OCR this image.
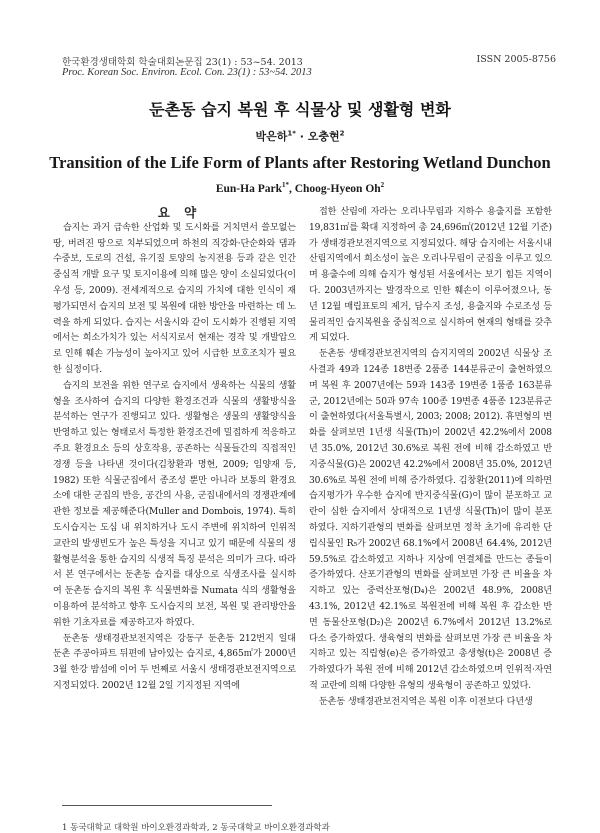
한국환경생태학회 학술대회논문집 23(1) : 53~54. 2013
Proc. Korean Soc. Environ. Ecol. Con. 23(1) : 53~54. 2013
ISSN 2005-8756
둔촌동 습지 복원 후 식물상 및 생활형 변화
박은하$^{1*}$ · 오충현$^2$
Transition of the Life Form of Plants after Restoring Wetland Dunchon
Eun-Ha Park$^{1*}$, Choog-Hyeon Oh$^2$

요 약

습지는 과거 급속한 산업화 및 도시화를 거치면서 쓸모없는 땅, 버려진 땅으로 치부되었으며 하천의 직강화·단순화와 댐과 수중보, 도로의 건설, 유기질 토양의 농지전용 등과 같은 인간중심적 개발 요구 및 토지이용에 의해 많은 양이 소실되었다(이우성 등, 2009). 전세계적으로 습지의 가치에 대한 인식이 재평가되면서 습지의 보전 및 복원에 대한 방안을 마련하는 데 노력을 하게 되었다. 습지는 서울시와 같이 도시화가 진행된 지역에서는 희소가치가 있는 서식지로서 현재는 경작 및 개발압으로 인해 훼손 가능성이 높아지고 있어 시급한 보호조치가 필요한 실정이다.

습지의 보전을 위한 연구로 습지에서 생육하는 식물의 생활형을 조사하여 습지의 다양한 환경조건과 식물의 생활방식을 분석하는 연구가 진행되고 있다. 생활형은 생물의 생활양식을 반영하고 있는 형태로서 특정한 환경조건에 밀접하게 적응하고 주요 환경요소 등의 상호작용, 공존하는 식물들간의 직접적인 경쟁 등을 나타낸 것이다(김창환과 명현, 2009; 임양재 등, 1982) 또한 식물군집에서 종조성 뿐만 아니라 보통의 환경요소에 대한 군집의 반응, 공간의 사용, 군집내에서의 경쟁관계에 관한 정보를 제공해준다(Muller and Dombois, 1974). 특히 도시습지는 도심 내 위치하거나 도시 주변에 위치하여 인위적 교란의 발생빈도가 높은 특성을 지니고 있기 때문에 식물의 생활형분석을 통한 습지의 식생적 특징 분석은 의미가 크다. 따라서 본 연구에서는 둔촌동 습지를 대상으로 식생조사를 실시하여 둔촌동 습지의 복원 후 식물변화를 Numata 식의 생활형을 이용하여 분석하고 향후 도시습지의 보전, 복원 및 관리방안을 위한 기초자료를 제공하고자 하였다.

둔촌동 생태경관보전지역은 강동구 둔촌동 212번지 일대 둔촌 주공아파트 뒤편에 남아있는 습지로, 4,865㎡가 2000년 3월 한강 밤섬에 이어 두 번째로 서울시 생태경관보전지역으로 지정되었다. 2002년 12월 2일 기지정된 지역에

접한 산림에 자라는 오리나무림과 지하수 용출지를 포함한 19,831㎡를 확대 지정하여 총 24,696㎡(2012년 12월 기준)가 생태경관보전지역으로 지정되었다. 해당 습지에는 서울시내 산림지역에서 희소성이 높은 오리나무림이 군집을 이루고 있으며 용출수에 의해 습지가 형성된 서울에서는 보기 힘든 지역이다. 2003년까지는 발경작으로 인한 훼손이 이루어졌으나, 동년 12월 매립표토의 제거, 담수지 조성, 용출지와 수로조성 등 물리적인 습지복원을 중심적으로 실시하여 현재의 형태를 갖추게 되었다.

둔촌동 생태경관보전지역의 습지지역의 2002년 식물상 조사결과 49과 124종 18변종 2품종 144분류군이 출현하였으며 복원 후 2007년에는 59과 143종 19변종 1품종 163분류군, 2012년에는 50과 97속 100종 19변종 4품종 123분류군이 출현하였다(서울특별시, 2003; 2008; 2012). 휴면형의 변화를 살펴보면 1년생 식물(Th)이 2002년 42.2%에서 2008년 35.0%, 2012년 30.6%로 복원 전에 비해 감소하였고 반지중식물(G)은 2002년 42.2%에서 2008년 35.0%, 2012년 30.6%로 복원 전에 비해 증가하였다. 김창환(2011)에 의하면 습지평가가 우수한 습지에 반지중식물(G)이 많이 분포하고 교란이 심한 습지에서 상대적으로 1년생 식물(Th)이 많이 분포하였다. 지하기관형의 변화를 살펴보면 정착 초기에 유리한 단립식물인 R₅가 2002년 68.1%에서 2008년 64.4%, 2012년 59.5%로 감소하였고 지하나 지상에 연결체를 만드는 종들이 증가하였다. 산포기관형의 변화를 살펴보면 가장 큰 비율을 차지하고 있는 중력산포형(D₄)은 2002년 48.9%, 2008년 43.1%, 2012년 42.1%로 복원전에 비해 복원 후 감소한 반면 동물산포형(D₂)은 2002년 6.7%에서 2012년 13.2%로 다소 증가하였다. 생육형의 변화를 살펴보면 가장 큰 비율을 차지하고 있는 직립형(e)은 증가하였고 총생형(t)은 2008년 증가하였다가 복원 전에 비해 2012년 감소하였으며 인위적·자연적 교란에 의해 다양한 유형의 생육형이 공존하고 있었다.

둔촌동 생태경관보전지역은 복원 이후 이전보다 다년생

1 동국대학교 대학원 바이오환경과학과, 2 동국대학교 바이오환경과학과
